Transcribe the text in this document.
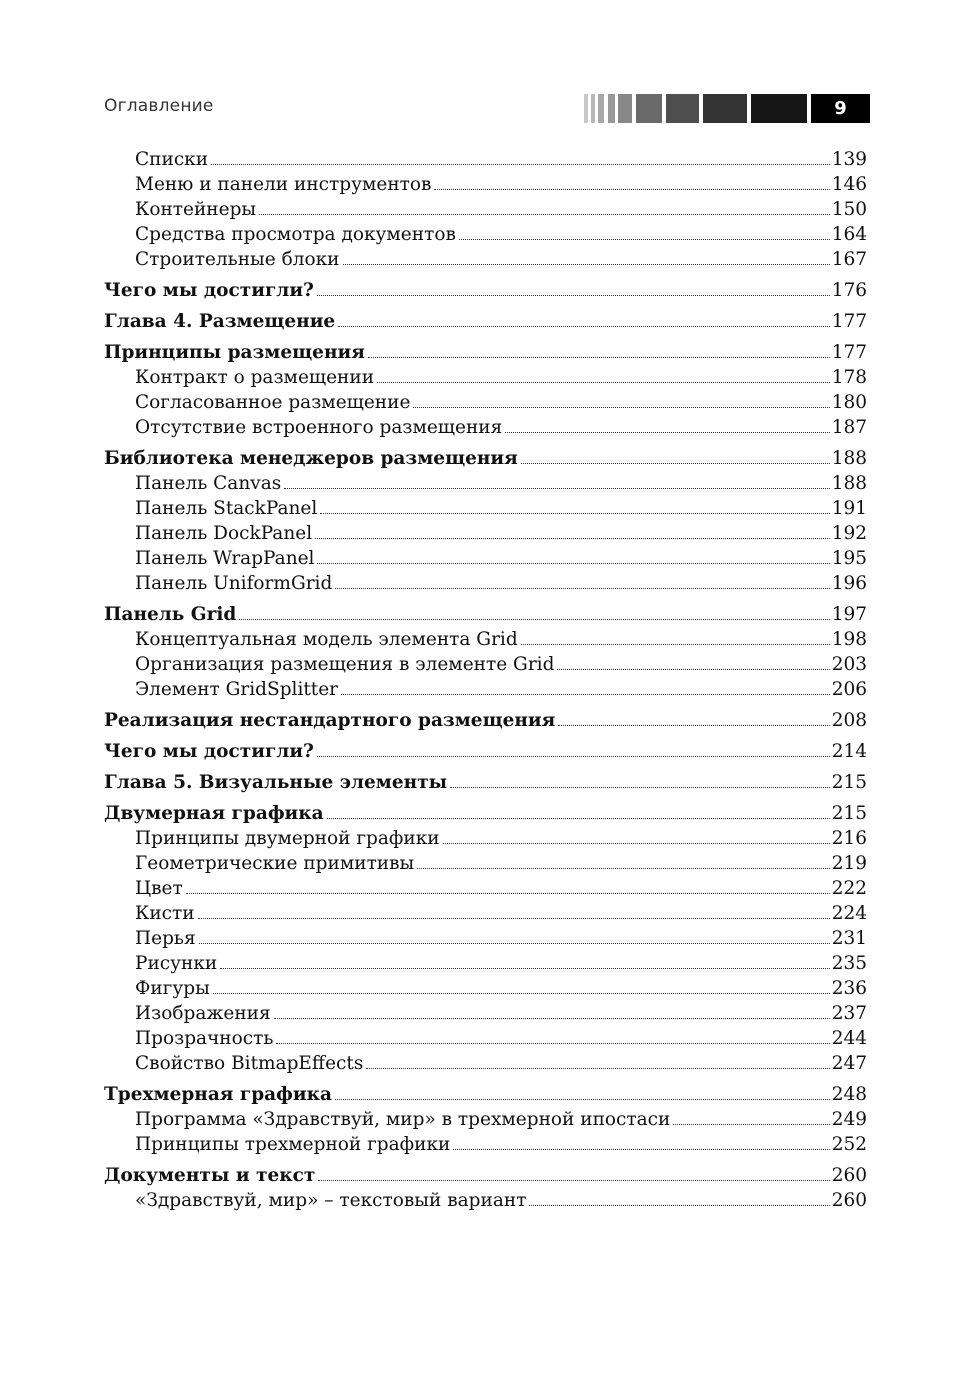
Оглавление	9
Списки	139
Меню и панели инструментов	146
Контейнеры	150
Средства просмотра документов	164
Строительные блоки	167
Чего мы достигли?	176
Глава 4. Размещение	177
Принципы размещения	177
Контракт о размещении	178
Согласованное размещение	180
Отсутствие встроенного размещения	187
Библиотека менеджеров размещения	188
Панель Canvas	188
Панель StackPanel	191
Панель DockPanel	192
Панель WrapPanel	195
Панель UniformGrid	196
Панель Grid	197
Концептуальная модель элемента Grid	198
Организация размещения в элементе Grid	203
Элемент GridSplitter	206
Реализация нестандартного размещения	208
Чего мы достигли?	214
Глава 5. Визуальные элементы	215
Двумерная графика	215
Принципы двумерной графики	216
Геометрические примитивы	219
Цвет	222
Кисти	224
Перья	231
Рисунки	235
Фигуры	236
Изображения	237
Прозрачность	244
Свойство BitmapEffects	247
Трехмерная графика	248
Программа «Здравствуй, мир» в трехмерной ипостаси	249
Принципы трехмерной графики	252
Документы и текст	260
«Здравствуй, мир» – текстовый вариант	260
